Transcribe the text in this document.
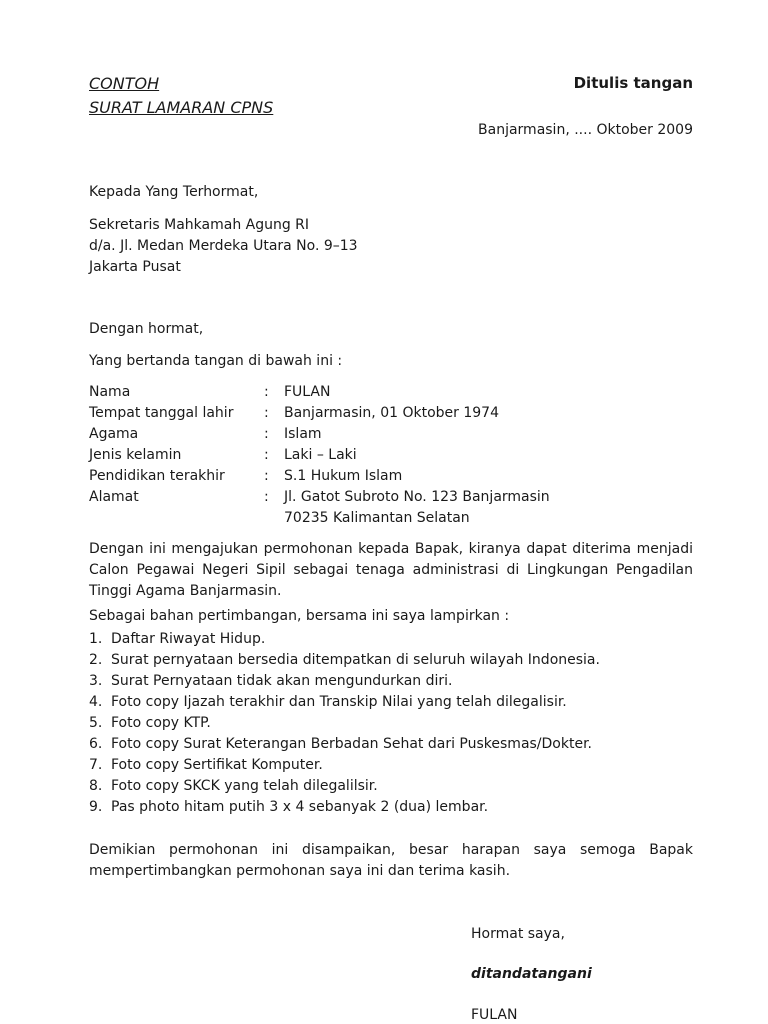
CONTOH
SURAT LAMARAN CPNS
Ditulis tangan
Banjarmasin, .... Oktober 2009
Kepada Yang Terhormat,
Sekretaris Mahkamah Agung RI
d/a. Jl. Medan Merdeka Utara No. 9–13
Jakarta Pusat
Dengan hormat,
Yang bertanda tangan di bawah ini :
Nama	: FULAN
Tempat tanggal lahir : Banjarmasin, 01 Oktober 1974
Agama	: Islam
Jenis kelamin	: Laki – Laki
Pendidikan terakhir	: S.1 Hukum Islam
Alamat	: Jl. Gatot Subroto No. 123 Banjarmasin
70235 Kalimantan Selatan
Dengan ini mengajukan permohonan kepada Bapak, kiranya dapat diterima menjadi Calon Pegawai Negeri Sipil sebagai tenaga administrasi di Lingkungan Pengadilan Tinggi Agama Banjarmasin.
Sebagai bahan pertimbangan, bersama ini saya lampirkan :
1. Daftar Riwayat Hidup.
2. Surat pernyataan bersedia ditempatkan di seluruh wilayah Indonesia.
3. Surat Pernyataan tidak akan mengundurkan diri.
4. Foto copy Ijazah terakhir dan Transkip Nilai yang telah dilegalisir.
5. Foto copy KTP.
6. Foto copy Surat Keterangan Berbadan Sehat dari Puskesmas/Dokter.
7. Foto copy Sertifikat Komputer.
8. Foto copy SKCK yang telah dilegalilsir.
9. Pas photo hitam putih 3 x 4 sebanyak 2 (dua) lembar.
Demikian permohonan ini disampaikan, besar harapan saya semoga Bapak mempertimbangkan permohonan saya ini dan terima kasih.
Hormat saya,
ditandatangani
FULAN
